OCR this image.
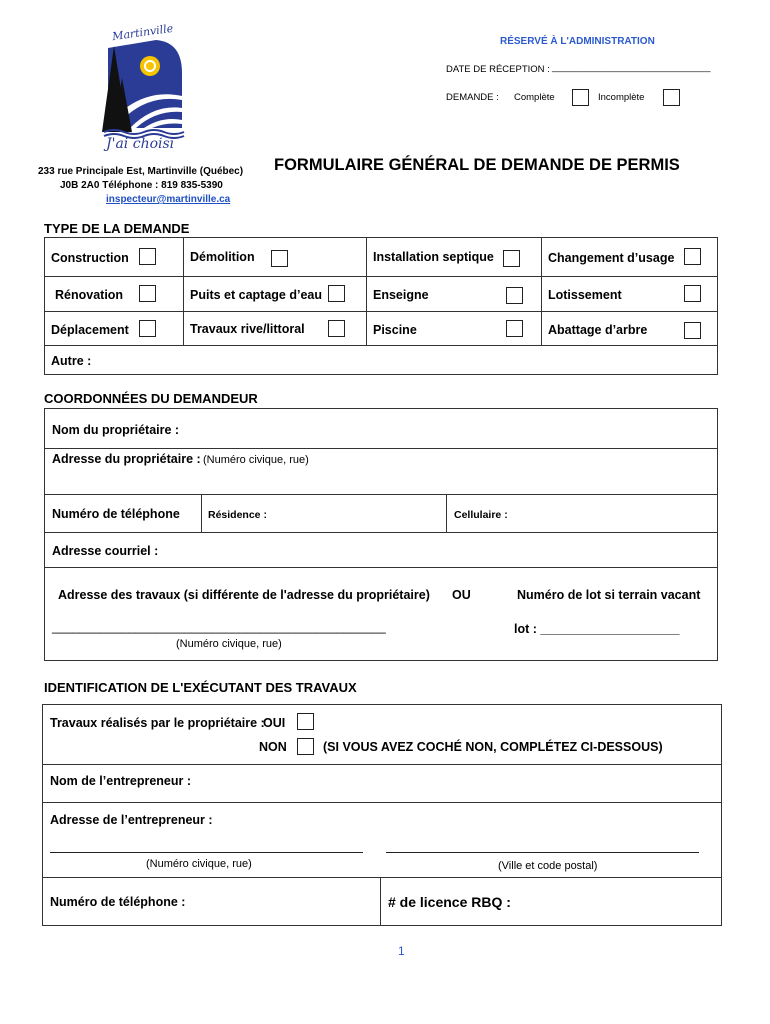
Martinville
J'ai choisi
RÉSERVÉ À L'ADMINISTRATION
DATE DE RÉCEPTION : ______________________________
DEMANDE : Complète	Incomplète
233 rue Principale Est, Martinville (Québec)
J0B 2A0 Téléphone : 819 835-5390
inspecteur@martinville.ca
FORMULAIRE GÉNÉRAL DE DEMANDE DE PERMIS
TYPE DE LA DEMANDE
Construction	Démolition	Installation septique	Changement d’usage
Rénovation	Puits et captage d’eau	Enseigne	Lotissement
Déplacement	Travaux rive/littoral	Piscine	Abattage d’arbre
Autre :
COORDONNÉES DU DEMANDEUR
Nom du propriétaire :
Adresse du propriétaire : (Numéro civique, rue)
Numéro de téléphone	Résidence :	Cellulaire :
Adresse courriel :
Adresse des travaux (si différente de l'adresse du propriétaire) OU	Numéro de lot si terrain vacant
________________________________________________	lot : ____________________
(Numéro civique, rue)
IDENTIFICATION DE L'EXÉCUTANT DES TRAVAUX
Travaux réalisés par le propriétaire :
OUI
NON	(SI VOUS AVEZ COCHÉ NON, COMPLÉTEZ CI-DESSOUS)
Nom de l’entrepreneur :
Adresse de l’entrepreneur :
(Numéro civique, rue)	(Ville et code postal)
Numéro de téléphone :	# de licence RBQ :
1
